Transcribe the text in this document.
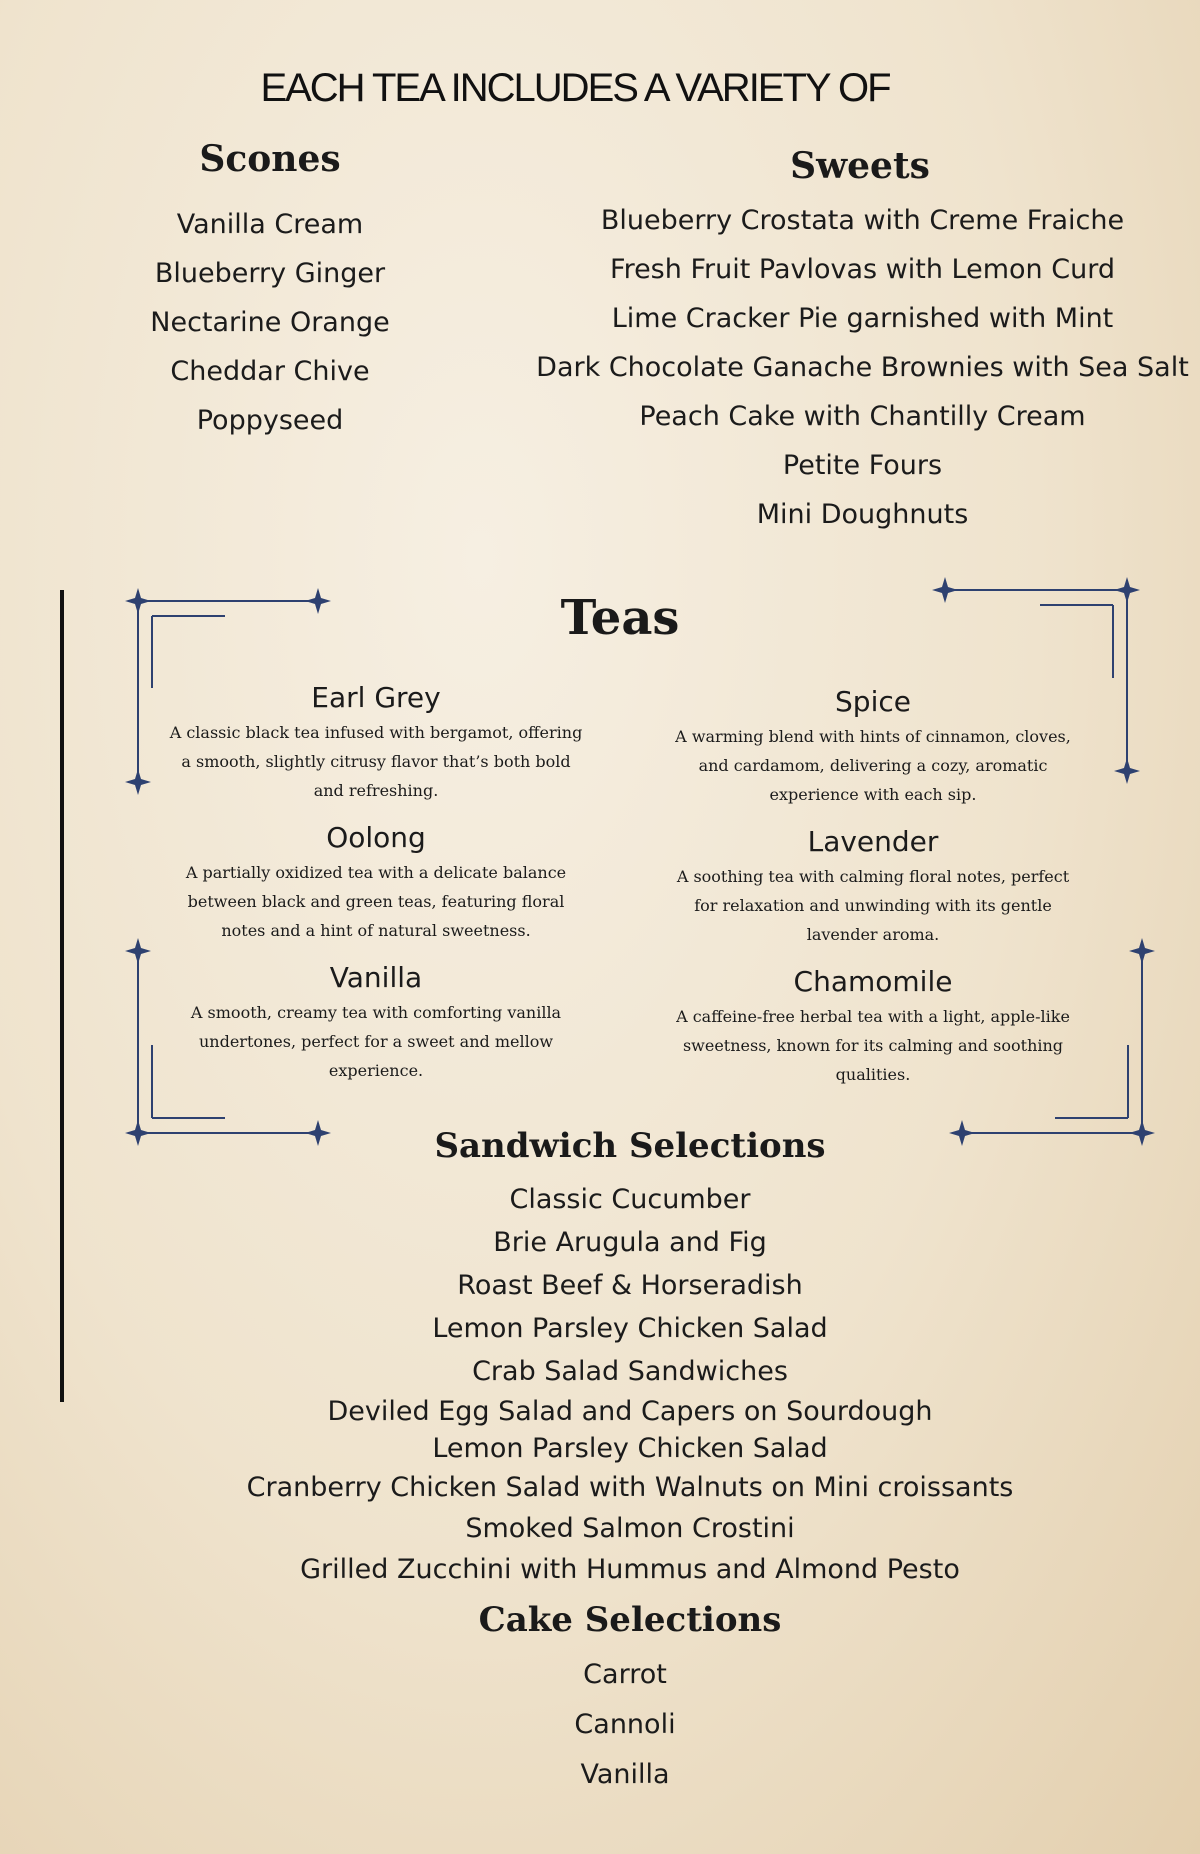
EACH TEA INCLUDES A VARIETY OF
Scones
Vanilla Cream
Blueberry Ginger
Nectarine Orange
Cheddar Chive
Poppyseed
Sweets
Blueberry Crostata with Creme Fraiche
Fresh Fruit Pavlovas with Lemon Curd
Lime Cracker Pie garnished with Mint
Dark Chocolate Ganache Brownies with Sea Salt
Peach Cake with Chantilly Cream
Petite Fours
Mini Doughnuts
Teas
Earl Grey
A classic black tea infused with bergamot, offering a smooth, slightly citrusy flavor that’s both bold and refreshing.
Spice
A warming blend with hints of cinnamon, cloves, and cardamom, delivering a cozy, aromatic experience with each sip.
Oolong
A partially oxidized tea with a delicate balance between black and green teas, featuring floral notes and a hint of natural sweetness.
Lavender
A soothing tea with calming floral notes, perfect for relaxation and unwinding with its gentle lavender aroma.
Vanilla
A smooth, creamy tea with comforting vanilla undertones, perfect for a sweet and mellow experience.
Chamomile
A caffeine-free herbal tea with a light, apple-like sweetness, known for its calming and soothing qualities.
Sandwich Selections
Classic Cucumber
Brie Arugula and Fig
Roast Beef & Horseradish
Lemon Parsley Chicken Salad
Crab Salad Sandwiches
Deviled Egg Salad and Capers on Sourdough
Lemon Parsley Chicken Salad
Cranberry Chicken Salad with Walnuts on Mini croissants
Smoked Salmon Crostini
Grilled Zucchini with Hummus and Almond Pesto
Cake Selections
Carrot
Cannoli
Vanilla
